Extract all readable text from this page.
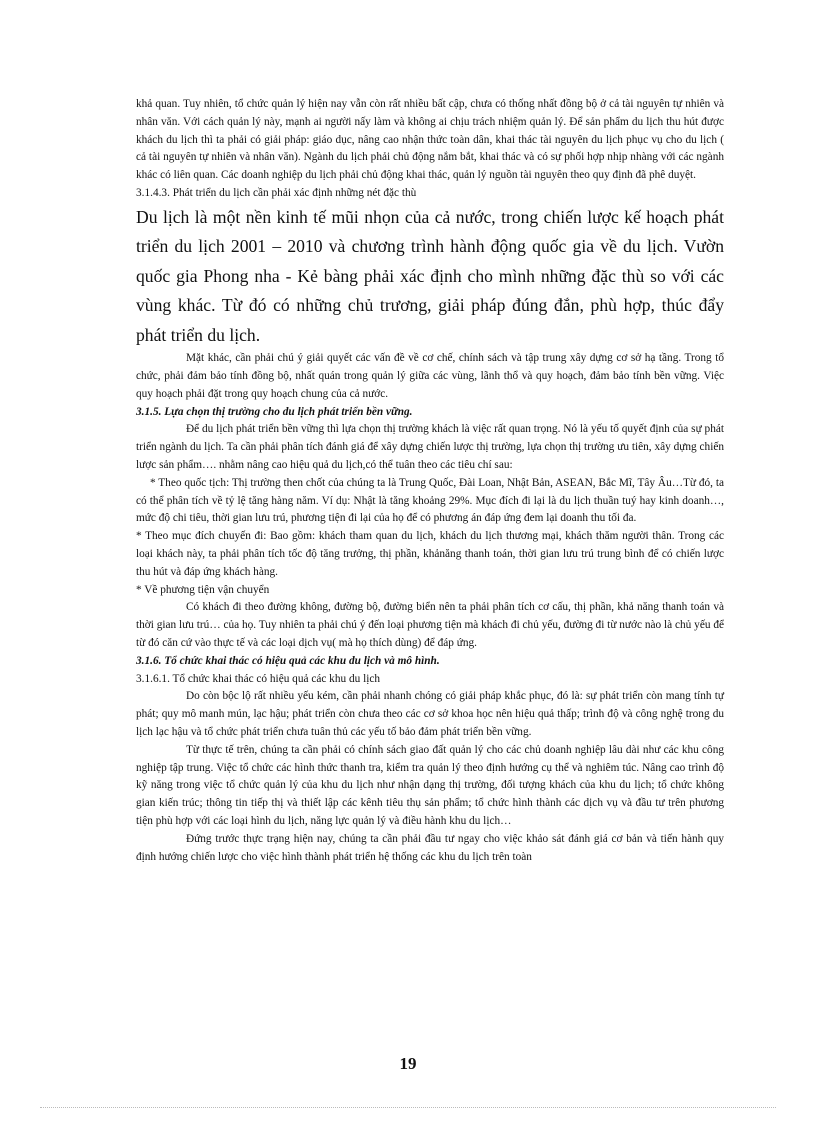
khả quan. Tuy nhiên, tổ chức quản lý hiện nay vẫn còn rất nhiều bất cập, chưa có thống nhất đồng bộ ở cả tài nguyên tự nhiên và nhân văn. Với cách quản lý này, mạnh ai người nấy làm và không ai chịu trách nhiệm quản lý. Để sản phẩm du lịch thu hút được khách du lịch thì ta phải có giải pháp: giáo dục, nâng cao nhận thức toàn dân, khai thác tài nguyên du lịch phục vụ cho du lịch ( cả tài nguyên tự nhiên và nhân văn). Ngành du lịch phải chủ động nắm bắt, khai thác và có sự phối hợp nhịp nhàng với các ngành khác có liên quan. Các doanh nghiệp du lịch phải chủ động khai thác, quản lý nguồn tài nguyên theo quy định đã phê duyệt.

3.1.4.3. Phát triển du lịch cần phải xác định những nét đặc thù

Du lịch là một nền kinh tế mũi nhọn của cả nước, trong chiến lược kế hoạch phát triển du lịch 2001 – 2010 và chương trình hành động quốc gia về du lịch. Vườn quốc gia Phong nha - Kẻ bàng phải xác định cho mình những đặc thù so với các vùng khác. Từ đó có những chủ trương, giải pháp đúng đắn, phù hợp, thúc đẩy phát triển du lịch.

Mặt khác, cần phải chú ý giải quyết các vấn đề về cơ chế, chính sách và tập trung xây dựng cơ sở hạ tầng. Trong tổ chức, phải đảm bảo tính đồng bộ, nhất quán trong quản lý giữa các vùng, lãnh thổ và quy hoạch, đảm bảo tính bền vững. Việc quy hoạch phải đặt trong quy hoạch chung của cả nước.

3.1.5. Lựa chọn thị trường cho du lịch phát triển bền vững.

Để du lịch phát triển bền vững thì lựa chọn thị trường khách là việc rất quan trọng. Nó là yếu tố quyết định của sự phát triển ngành du lịch. Ta cần phải phân tích đánh giá để xây dựng chiến lược thị trường, lựa chọn thị trường ưu tiên, xây dựng chiến lược sản phẩm…. nhằm nâng cao hiệu quả du lịch,có thể tuân theo các tiêu chí sau:

* Theo quốc tịch: Thị trường then chốt của chúng ta là Trung Quốc, Đài Loan, Nhật Bản, ASEAN, Bắc Mĩ, Tây Âu…Từ đó, ta có thể phân tích về tỷ lệ tăng hàng năm. Ví dụ: Nhật là tăng khoảng 29%. Mục đích đi lại là du lịch thuần tuý hay kinh doanh…, mức độ chi tiêu, thời gian lưu trú, phương tiện đi lại của họ để có phương án đáp ứng đem lại doanh thu tối đa.

* Theo mục đích chuyến đi: Bao gồm: khách tham quan du lịch, khách du lịch thương mại, khách thăm người thân. Trong các loại khách này, ta phải phân tích tốc độ tăng trưởng, thị phần, khảnăng thanh toán, thời gian lưu trú trung bình để có chiến lược thu hút và đáp ứng khách hàng.

* Về phương tiện vận chuyển

Có khách đi theo đường không, đường bộ, đường biển nên ta phải phân tích cơ cấu, thị phần, khả năng thanh toán và thời gian lưu trú… của họ. Tuy nhiên ta phải chú ý đến loại phương tiện mà khách đi chủ yếu, đường đi từ nước nào là chủ yếu để từ đó căn cứ vào thực tế và các loại dịch vụ( mà họ thích dùng) để đáp ứng.

3.1.6. Tổ chức khai thác có hiệu quả các khu du lịch và mô hình.

3.1.6.1. Tổ chức khai thác có hiệu quả các khu du lịch

Do còn bộc lộ rất nhiều yếu kém, cần phải nhanh chóng có giải pháp khắc phục, đó là: sự phát triển còn mang tính tự phát; quy mô manh mún, lạc hậu; phát triển còn chưa theo các cơ sở khoa học nên hiệu quả thấp; trình độ và công nghệ trong du lịch lạc hậu và tổ chức phát triển chưa tuân thủ các yếu tố bảo đảm phát triển bền vững.

Từ thực tế trên, chúng ta cần phải có chính sách giao đất quản lý cho các chủ doanh nghiệp lâu dài như các khu công nghiệp tập trung. Việc tổ chức các hình thức thanh tra, kiểm tra quản lý theo định hướng cụ thể và nghiêm túc. Nâng cao trình độ kỹ năng trong việc tổ chức quản lý của khu du lịch như nhận dạng thị trường, đối tượng khách của khu du lịch; tổ chức không gian kiến trúc; thông tin tiếp thị và thiết lập các kênh tiêu thụ sản phẩm; tổ chức hình thành các dịch vụ và đầu tư trên phương tiện phù hợp với các loại hình du lịch, năng lực quản lý và điều hành khu du lịch…

Đứng trước thực trạng hiện nay, chúng ta cần phải đầu tư ngay cho việc khảo sát đánh giá cơ bản và tiến hành quy định hướng chiến lược cho việc hình thành phát triển hệ thống các khu du lịch trên toàn

19
